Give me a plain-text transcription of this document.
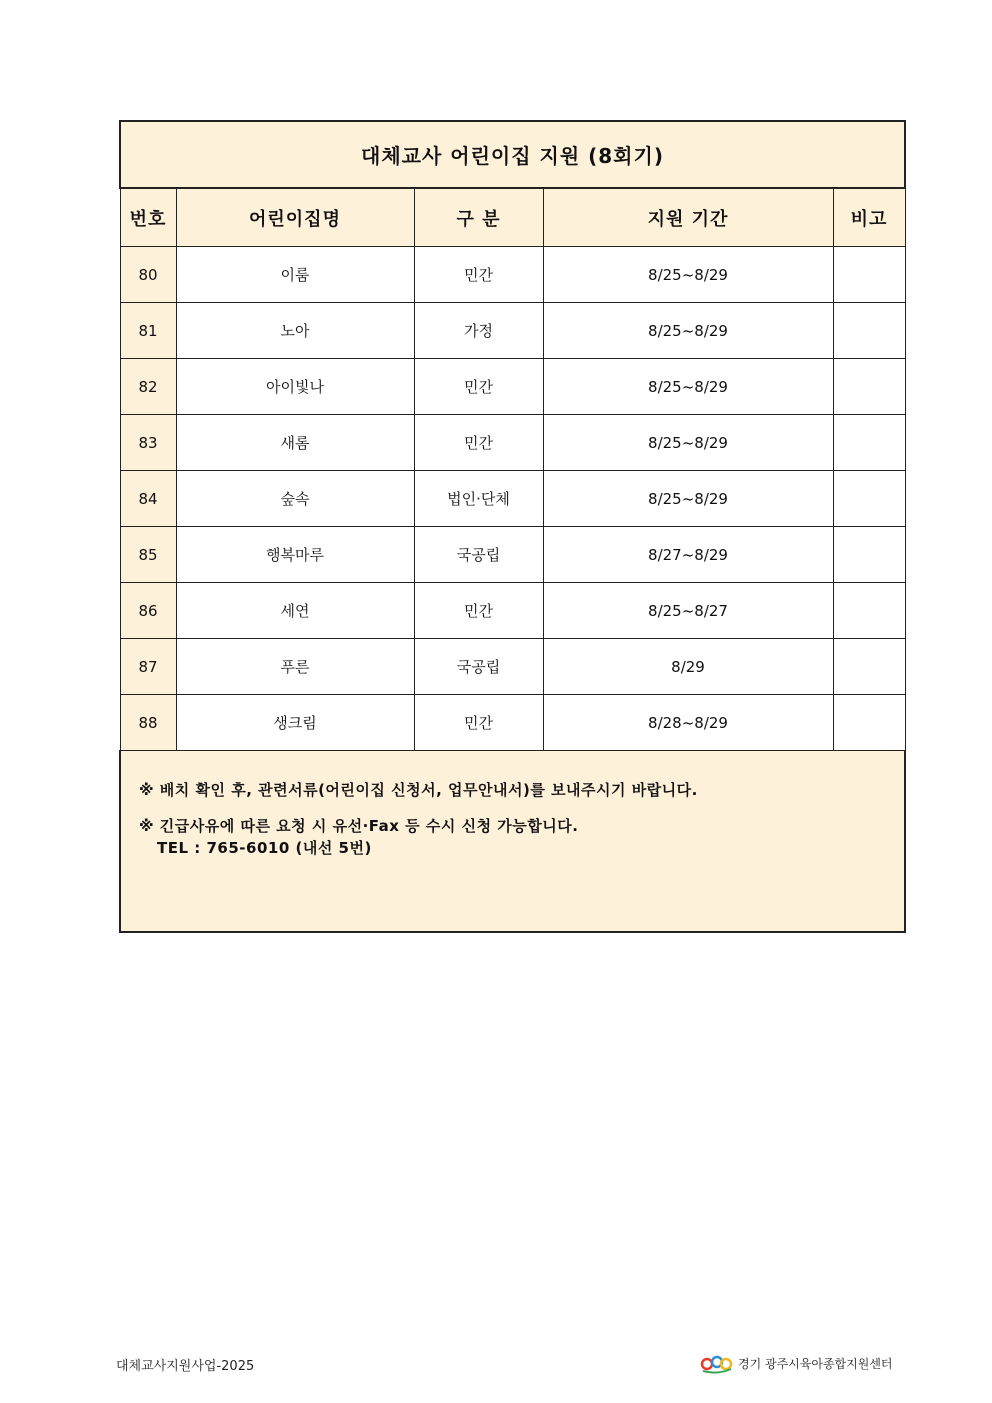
대체교사 어린이집 지원 (8회기)				
번호	어린이집명	구 분	지원 기간	비고
80	이룸	민간	8/25~8/29	
81	노아	가정	8/25~8/29	
82	아이빛나	민간	8/25~8/29	
83	새롬	민간	8/25~8/29	
84	숲속	법인·단체	8/25~8/29	
85	행복마루	국공립	8/27~8/29	
86	세연	민간	8/25~8/27	
87	푸른	국공립	8/29	
88	생크림	민간	8/28~8/29	

※ 배치 확인 후, 관련서류(어린이집 신청서, 업무안내서)를 보내주시기 바랍니다.

※ 긴급사유에 따른 요청 시 유선·Fax 등 수시 신청 가능합니다.

TEL : 765-6010 (내선 5번)				

대체교사지원사업-2025	경기 광주시육아종합지원센터
